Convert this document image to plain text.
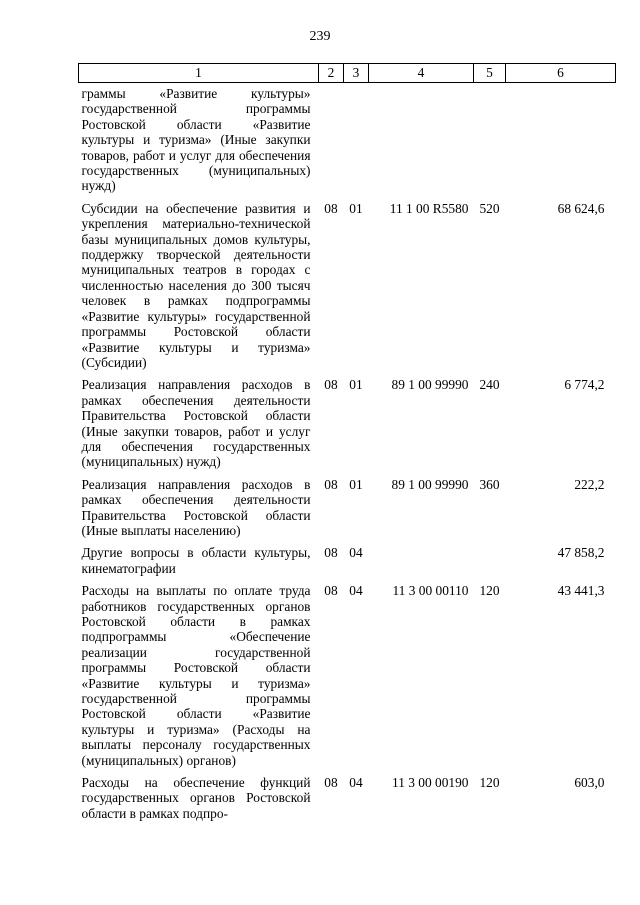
239
1	2	3	4	5	6
граммы «Развитие культуры» государственной программы Ростовской области «Развитие культуры и туризма» (Иные закупки товаров, работ и услуг для обеспечения государственных (муниципальных) нужд)					
Субсидии на обеспечение развития и укрепления материально-технической базы муниципальных домов культуры, поддержку творческой деятельности муниципальных театров в городах с численностью населения до 300 тысяч человек в рамках подпрограммы «Развитие культуры» государственной программы Ростовской области «Развитие культуры и туризма» (Субсидии)	08	01	11 1 00 R5580	520	68 624,6
Реализация направления расходов в рамках обеспечения деятельности Правительства Ростовской области (Иные закупки товаров, работ и услуг для обеспечения государственных (муниципальных) нужд)	08	01	89 1 00 99990	240	6 774,2
Реализация направления расходов в рамках обеспечения деятельности Правительства Ростовской области (Иные выплаты населению)	08	01	89 1 00 99990	360	222,2
Другие вопросы в области культуры, кинематографии	08	04			47 858,2
Расходы на выплаты по оплате труда работников государственных органов Ростовской области в рамках подпрограммы «Обеспечение реализации государственной программы Ростовской области «Развитие культуры и туризма» государственной программы Ростовской области «Развитие культуры и туризма» (Расходы на выплаты персоналу государственных (муниципальных) органов)	08	04	11 3 00 00110	120	43 441,3
Расходы на обеспечение функций государственных органов Ростовской области в рамках подпро-	08	04	11 3 00 00190	120	603,0
